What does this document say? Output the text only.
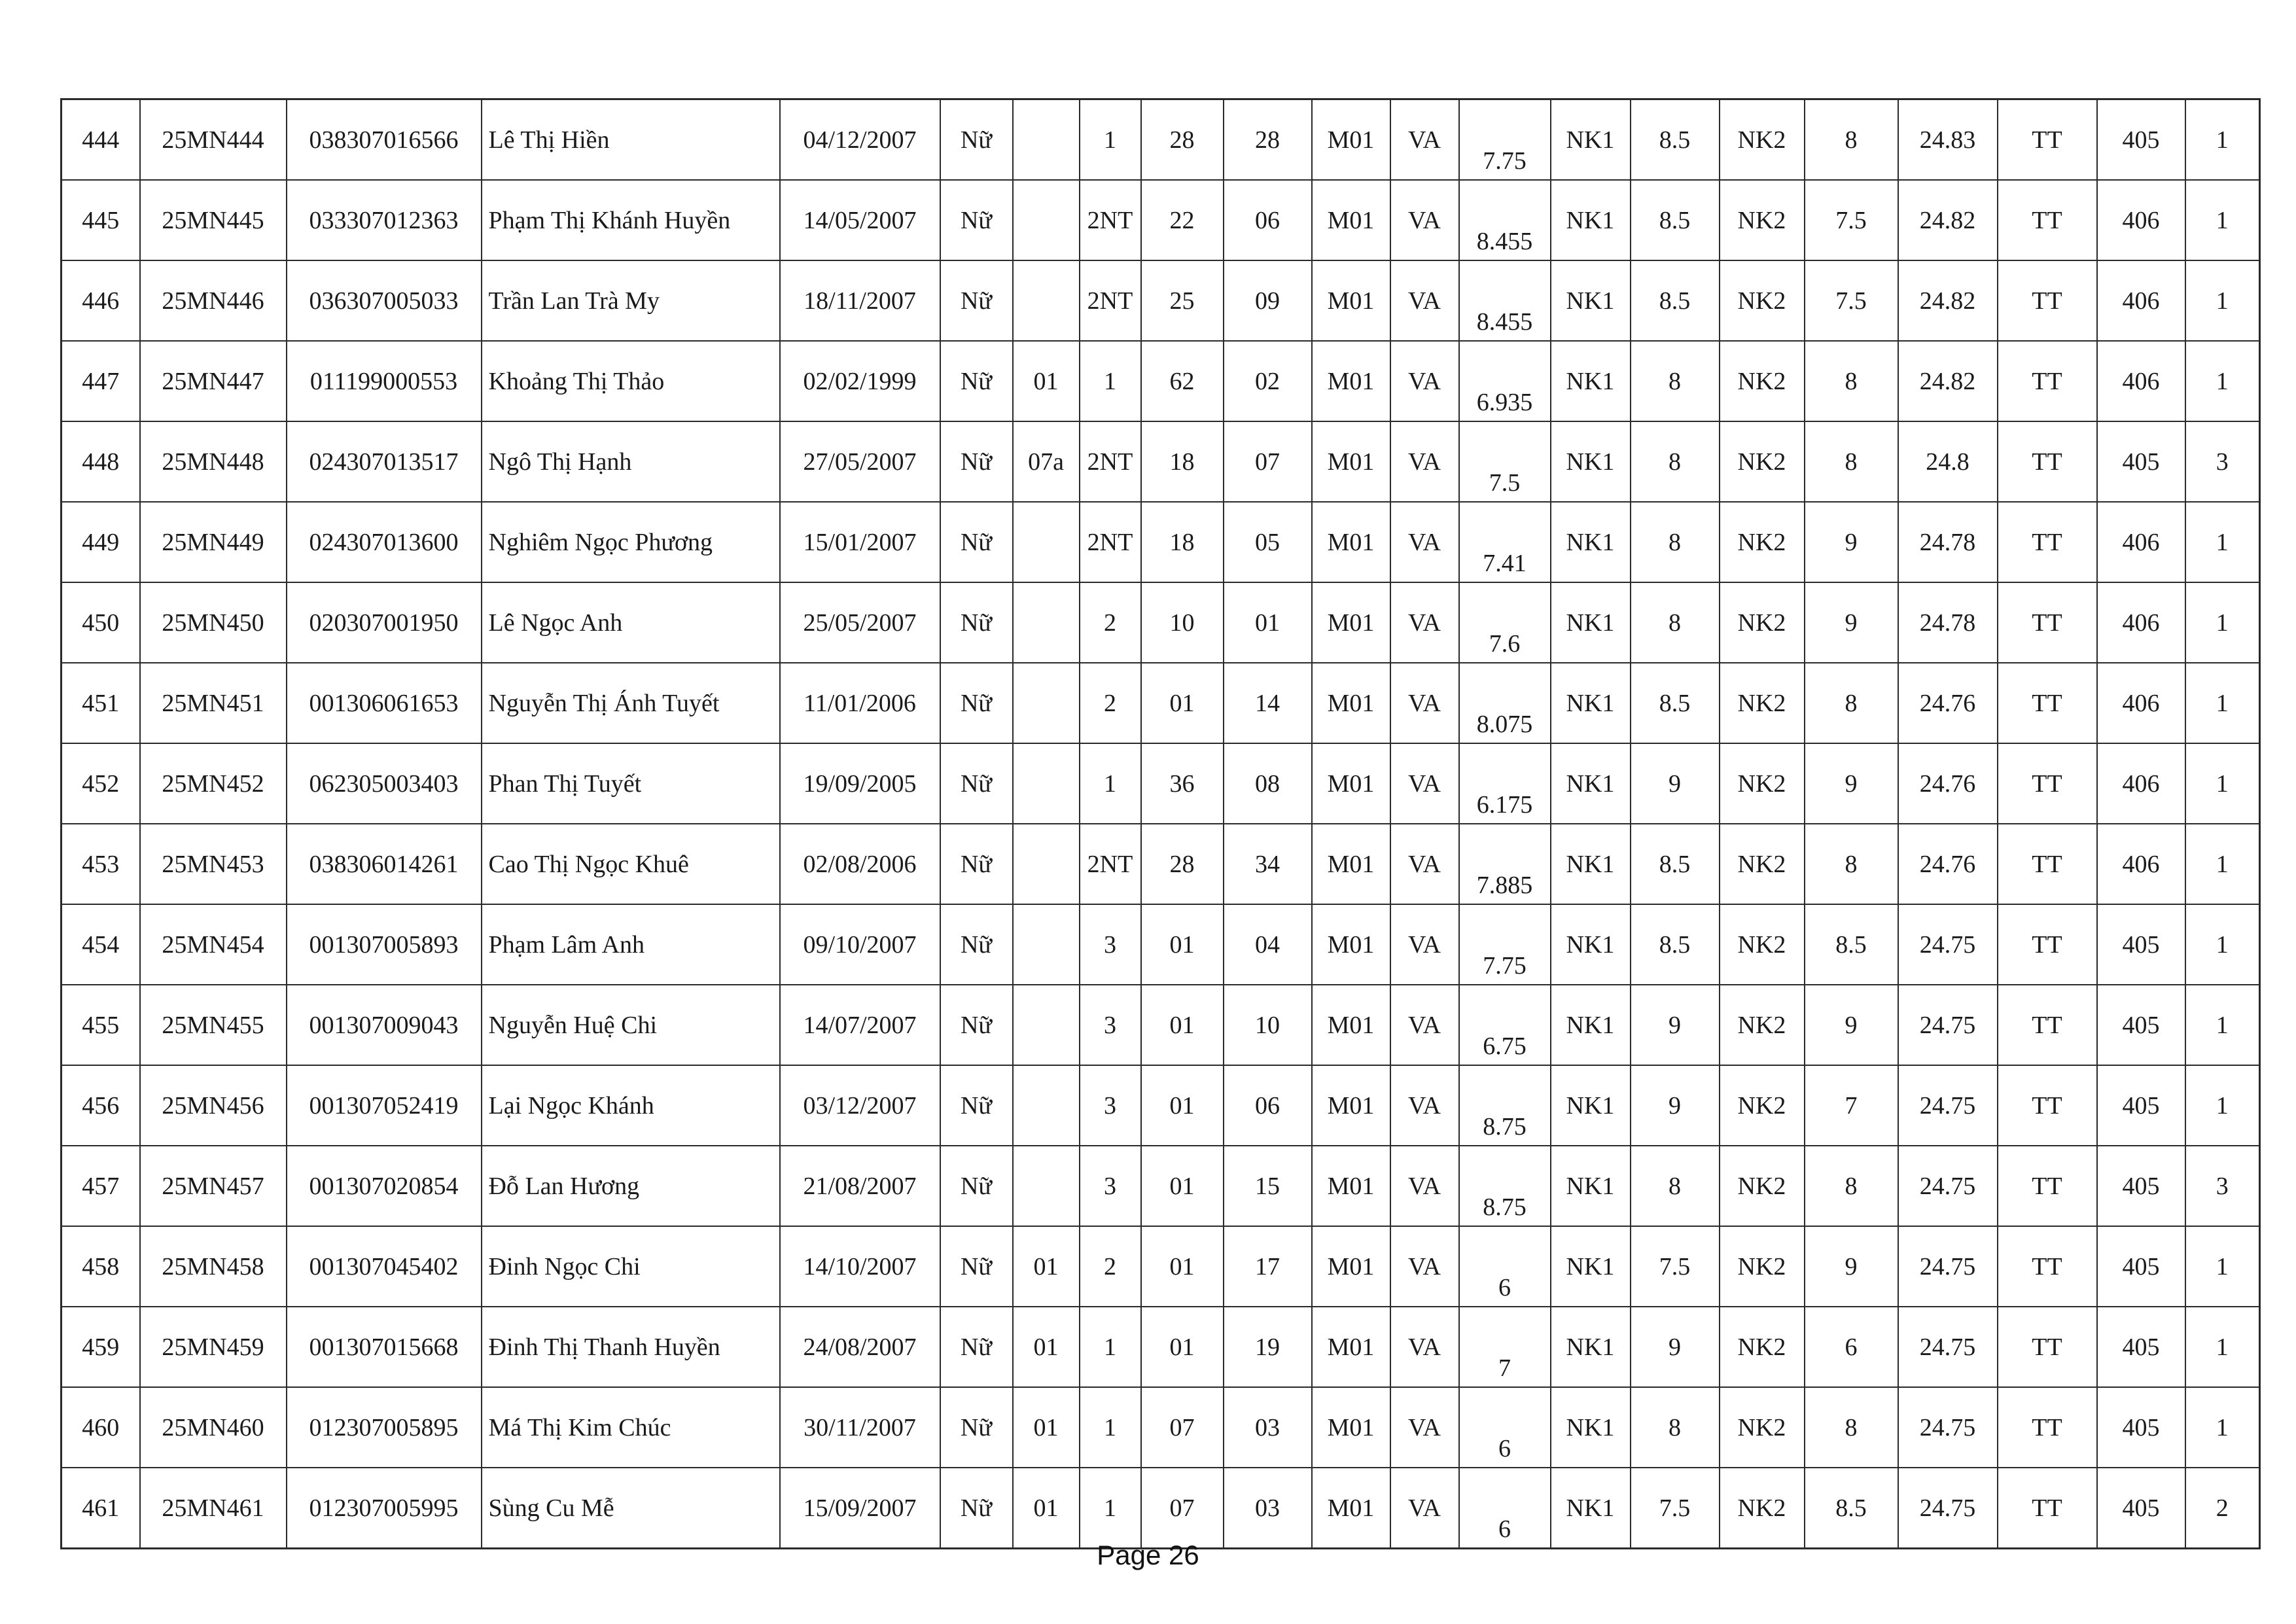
444	25MN444	038307016566	Lê Thị Hiền	04/12/2007	Nữ		1	28	28	M01	VA	7.75	NK1	8.5	NK2	8	24.83	TT	405	1
445	25MN445	033307012363	Phạm Thị Khánh Huyền	14/05/2007	Nữ		2NT	22	06	M01	VA	8.455	NK1	8.5	NK2	7.5	24.82	TT	406	1
446	25MN446	036307005033	Trần Lan Trà My	18/11/2007	Nữ		2NT	25	09	M01	VA	8.455	NK1	8.5	NK2	7.5	24.82	TT	406	1
447	25MN447	011199000553	Khoảng Thị Thảo	02/02/1999	Nữ	01	1	62	02	M01	VA	6.935	NK1	8	NK2	8	24.82	TT	406	1
448	25MN448	024307013517	Ngô Thị Hạnh	27/05/2007	Nữ	07a	2NT	18	07	M01	VA	7.5	NK1	8	NK2	8	24.8	TT	405	3
449	25MN449	024307013600	Nghiêm Ngọc Phương	15/01/2007	Nữ		2NT	18	05	M01	VA	7.41	NK1	8	NK2	9	24.78	TT	406	1
450	25MN450	020307001950	Lê Ngọc Anh	25/05/2007	Nữ		2	10	01	M01	VA	7.6	NK1	8	NK2	9	24.78	TT	406	1
451	25MN451	001306061653	Nguyễn Thị Ánh Tuyết	11/01/2006	Nữ		2	01	14	M01	VA	8.075	NK1	8.5	NK2	8	24.76	TT	406	1
452	25MN452	062305003403	Phan Thị Tuyết	19/09/2005	Nữ		1	36	08	M01	VA	6.175	NK1	9	NK2	9	24.76	TT	406	1
453	25MN453	038306014261	Cao Thị Ngọc Khuê	02/08/2006	Nữ		2NT	28	34	M01	VA	7.885	NK1	8.5	NK2	8	24.76	TT	406	1
454	25MN454	001307005893	Phạm Lâm Anh	09/10/2007	Nữ		3	01	04	M01	VA	7.75	NK1	8.5	NK2	8.5	24.75	TT	405	1
455	25MN455	001307009043	Nguyễn Huệ Chi	14/07/2007	Nữ		3	01	10	M01	VA	6.75	NK1	9	NK2	9	24.75	TT	405	1
456	25MN456	001307052419	Lại Ngọc Khánh	03/12/2007	Nữ		3	01	06	M01	VA	8.75	NK1	9	NK2	7	24.75	TT	405	1
457	25MN457	001307020854	Đỗ Lan Hương	21/08/2007	Nữ		3	01	15	M01	VA	8.75	NK1	8	NK2	8	24.75	TT	405	3
458	25MN458	001307045402	Đinh Ngọc Chi	14/10/2007	Nữ	01	2	01	17	M01	VA	6	NK1	7.5	NK2	9	24.75	TT	405	1
459	25MN459	001307015668	Đinh Thị Thanh Huyền	24/08/2007	Nữ	01	1	01	19	M01	VA	7	NK1	9	NK2	6	24.75	TT	405	1
460	25MN460	012307005895	Má Thị Kim Chúc	30/11/2007	Nữ	01	1	07	03	M01	VA	6	NK1	8	NK2	8	24.75	TT	405	1
461	25MN461	012307005995	Sùng Cu Mễ	15/09/2007	Nữ	01	1	07	03	M01	VA	6	NK1	7.5	NK2	8.5	24.75	TT	405	2
Page 26
